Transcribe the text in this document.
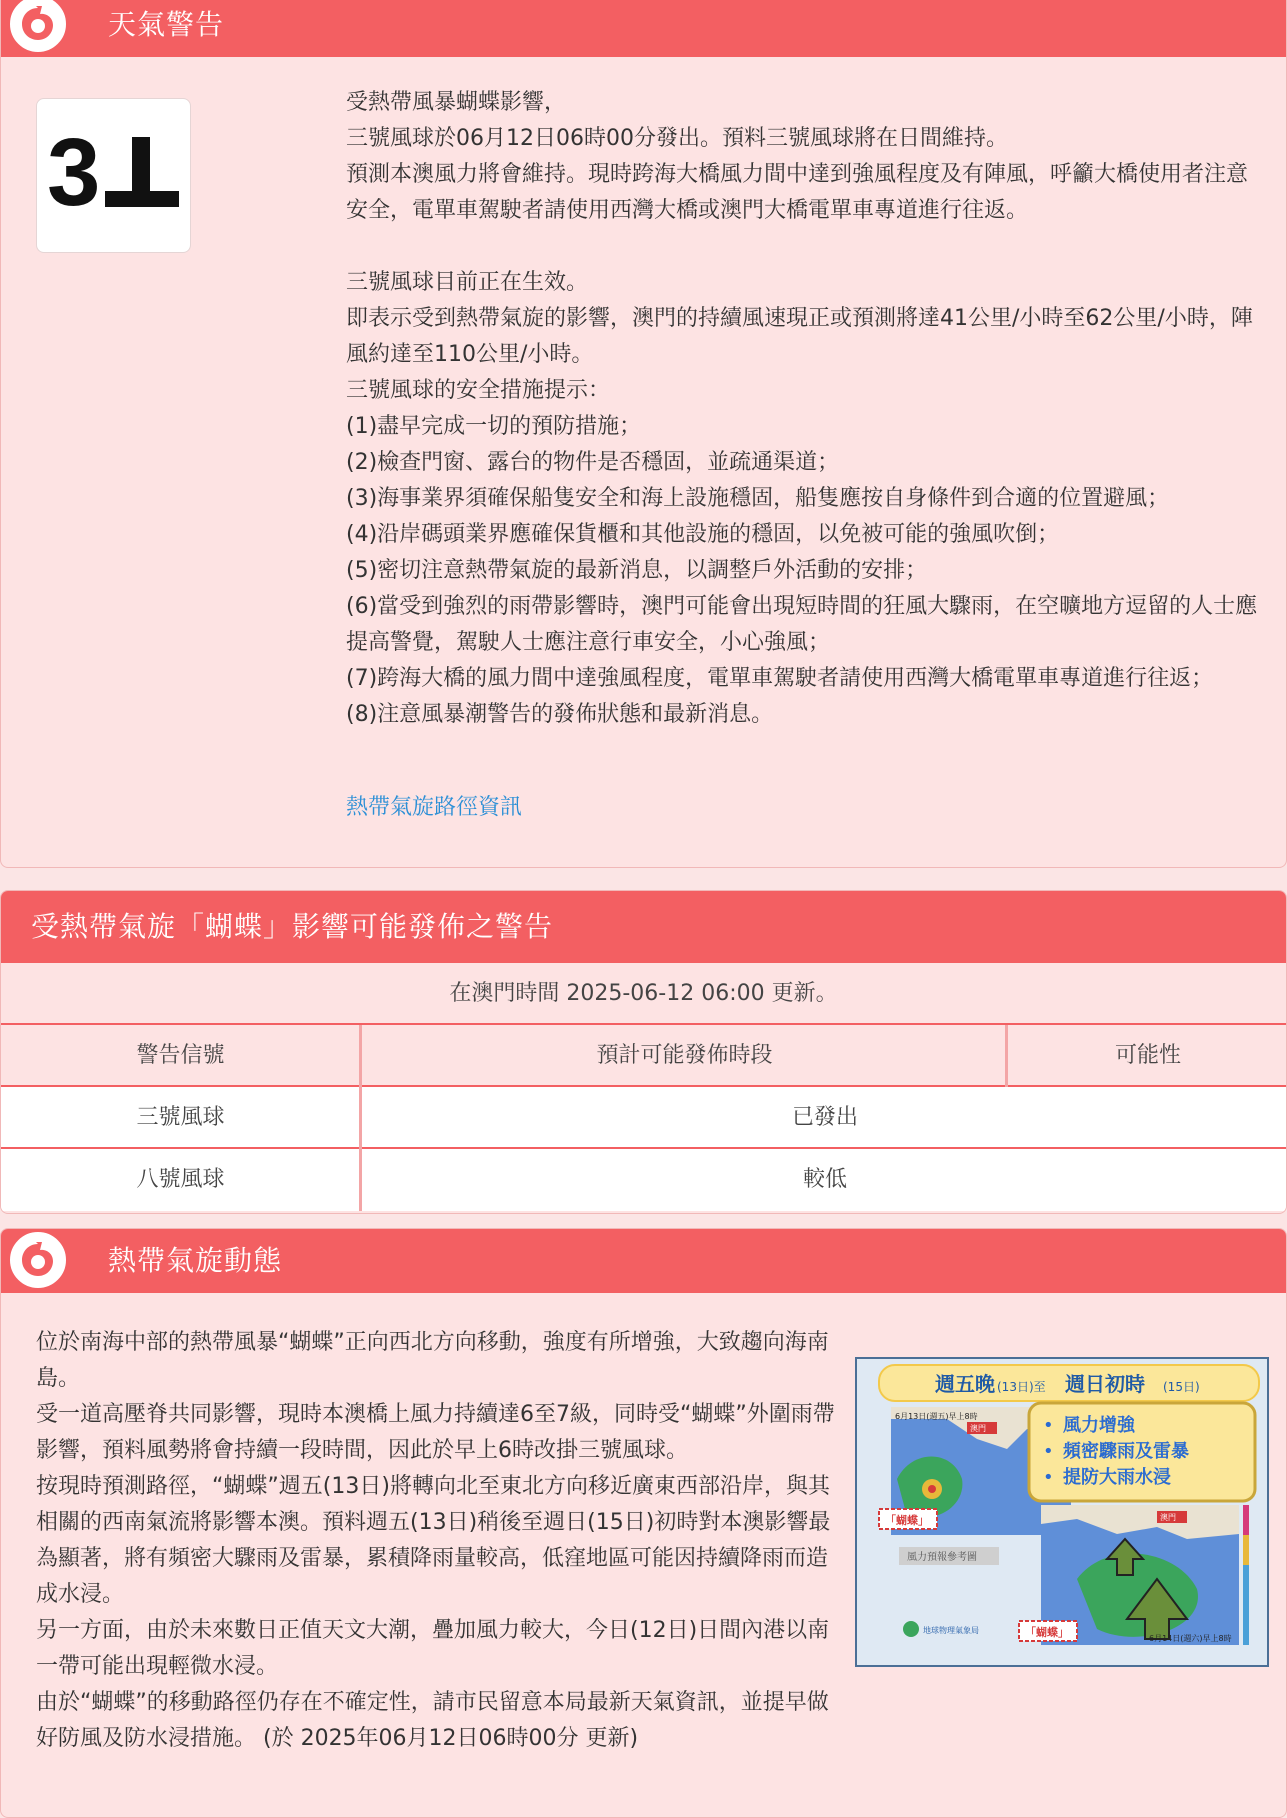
天氣警告
3

受熱帶風暴蝴蝶影響，

三號風球於06月12日06時00分發出。預料三號風球將在日間維持。

預測本澳風力將會維持。現時跨海大橋風力間中達到強風程度及有陣風，呼籲大橋使用者注意安全，電單車駕駛者請使用西灣大橋或澳門大橋電單車專道進行往返。

三號風球目前正在生效。

即表示受到熱帶氣旋的影響，澳門的持續風速現正或預測將達41公里/小時至62公里/小時，陣風約達至110公里/小時。

三號風球的安全措施提示：

(1)盡早完成一切的預防措施；

(2)檢查門窗、露台的物件是否穩固，並疏通渠道；

(3)海事業界須確保船隻安全和海上設施穩固，船隻應按自身條件到合適的位置避風；

(4)沿岸碼頭業界應確保貨櫃和其他設施的穩固，以免被可能的強風吹倒；

(5)密切注意熱帶氣旋的最新消息，以調整戶外活動的安排；

(6)當受到強烈的雨帶影響時，澳門可能會出現短時間的狂風大驟雨，在空曠地方逗留的人士應提高警覺，駕駛人士應注意行車安全，小心強風；

(7)跨海大橋的風力間中達強風程度，電單車駕駛者請使用西灣大橋電單車專道進行往返；

(8)注意風暴潮警告的發佈狀態和最新消息。

熱帶氣旋路徑資訊
受熱帶氣旋「蝴蝶」影響可能發佈之警告
在澳門時間 2025-06-12 06:00 更新。
警告信號	預計可能發佈時段	可能性
三號風球	已發出
八號風球	較低
熱帶氣旋動態

位於南海中部的熱帶風暴“蝴蝶”正向西北方向移動，強度有所增強，大致趨向海南島。

受一道高壓脊共同影響，現時本澳橋上風力持續達6至7級，同時受“蝴蝶”外圍雨帶影響，預料風勢將會持續一段時間，因此於早上6時改掛三號風球。

按現時預測路徑，“蝴蝶”週五(13日)將轉向北至東北方向移近廣東西部沿岸，與其相關的西南氣流將影響本澳。預料週五(13日)稍後至週日(15日)初時對本澳影響最為顯著，將有頻密大驟雨及雷暴，累積降雨量較高，低窪地區可能因持續降雨而造成水浸。

另一方面，由於未來數日正值天文大潮，疊加風力較大，今日(12日)日間內港以南一帶可能出現輕微水浸。

由於“蝴蝶”的移動路徑仍存在不確定性，請市民留意本局最新天氣資訊，並提早做好防風及防水浸措施。 (於 2025年06月12日06時00分 更新)

週五晚 (13日)至 週日初時 (15日)
6月13日(週五)早上8時
澳門
「蝴蝶」
• 風力增強
• 頻密驟雨及雷暴
• 提防大雨水浸
澳門
「蝴蝶」	6月14日(週六)早上8時
風力預報參考圖
地球物理氣象局
